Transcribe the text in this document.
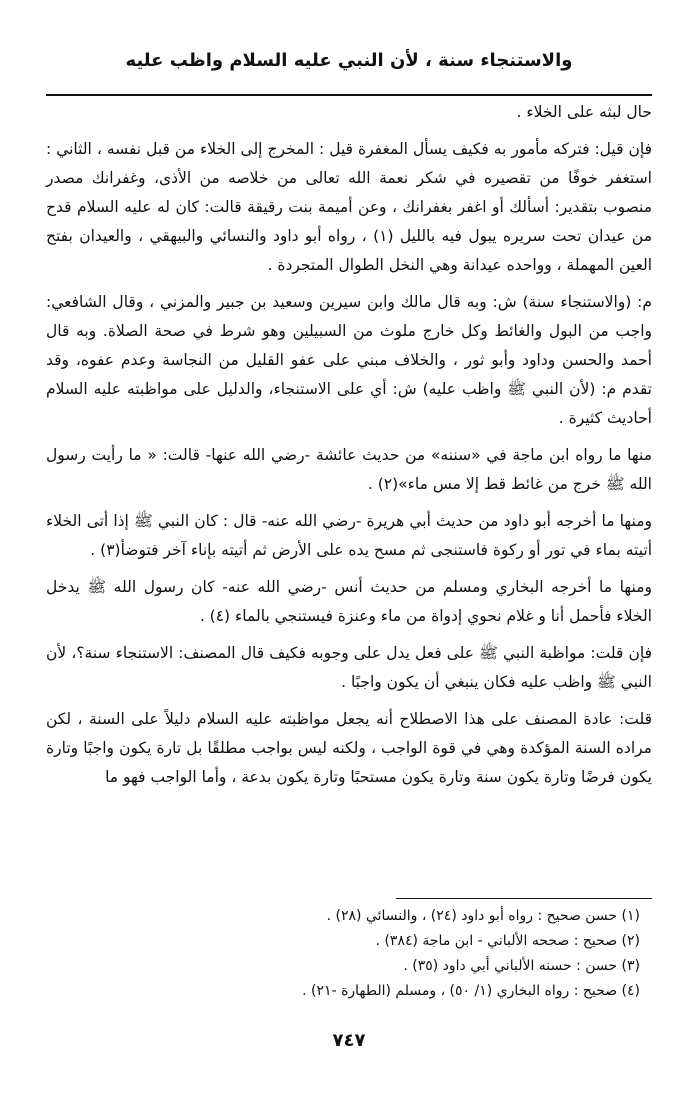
والاستنجاء سنة ، لأن النبي عليه السلام واظب عليه

حال لبثه على الخلاء .

فإن قيل: فتركه مأمور به فكيف يسأل المغفرة قيل : المخرج إلى الخلاء من قبل نفسه ، الثاني : استغفر خوفًا من تقصيره في شكر نعمة الله تعالى من خلاصه من الأذى، وغفرانك مصدر منصوب بتقدير: أسألك أو اغفر بغفرانك ، وعن أميمة بنت رقيقة قالت: كان له عليه السلام قدح من عيدان تحت سريره يبول فيه بالليل (١) ، رواه أبو داود والنسائي والبيهقي ، والعيدان بفتح العين المهملة ، وواحده عيدانة وهي النخل الطوال المتجردة .

م: (والاستنجاء سنة) ش: وبه قال مالك وابن سيرين وسعيد بن جبير والمزني ، وقال الشافعي: واجب من البول والغائط وكل خارج ملوث من السبيلين وهو شرط في صحة الصلاة. وبه قال أحمد والحسن وداود وأبو ثور ، والخلاف مبني على عفو القليل من النجاسة وعدم عفوه، وقد تقدم م: (لأن النبي ﷺ واظب عليه) ش: أي على الاستنجاء، والدليل على مواظبته عليه السلام أحاديث كثيرة .

منها ما رواه ابن ماجة في «سننه» من حديث عائشة -رضي الله عنها- قالت: « ما رأيت رسول الله ﷺ خرج من غائط قط إلا مس ماء»(٢) .

ومنها ما أخرجه أبو داود من حديث أبي هريرة -رضي الله عنه- قال : كان النبي ﷺ إذا أتى الخلاء أتيته بماء في تور أو ركوة فاستنجى ثم مسح يده على الأرض ثم أتيته بإناء آخر فتوضأ(٣) .

ومنها ما أخرجه البخاري ومسلم من حديث أنس -رضي الله عنه- كان رسول الله ﷺ يدخل الخلاء فأحمل أنا و غلام نحوي إدواة من ماء وعنزة فيستنجي بالماء (٤) .

فإن قلت: مواظبة النبي ﷺ على فعل يدل على وجوبه فكيف قال المصنف: الاستنجاء سنة؟، لأن النبي ﷺ واظب عليه فكان ينبغي أن يكون واجبًا .

قلت: عادة المصنف على هذا الاصطلاح أنه يجعل مواظبته عليه السلام دليلاً على السنة ، لكن مراده السنة المؤكدة وهي في قوة الواجب ، ولكنه ليس بواجب مطلقًا بل تارة يكون واجبًا وتارة يكون فرضًا وتارة يكون سنة وتارة يكون مستحبًا وتارة يكون بدعة ، وأما الواجب فهو ما

(١) حسن صحيح : رواه أبو داود (٢٤) ، والنسائي (٢٨) .

(٢) صحيح : صححه الألباني - ابن ماجة (٣٨٤) .

(٣) حسن : حسنه الألباني أبي داود (٣٥) .

(٤) صحيح : رواه البخاري (١/ ٥٠) ، ومسلم (الطهارة -٢١) .

٧٤٧
